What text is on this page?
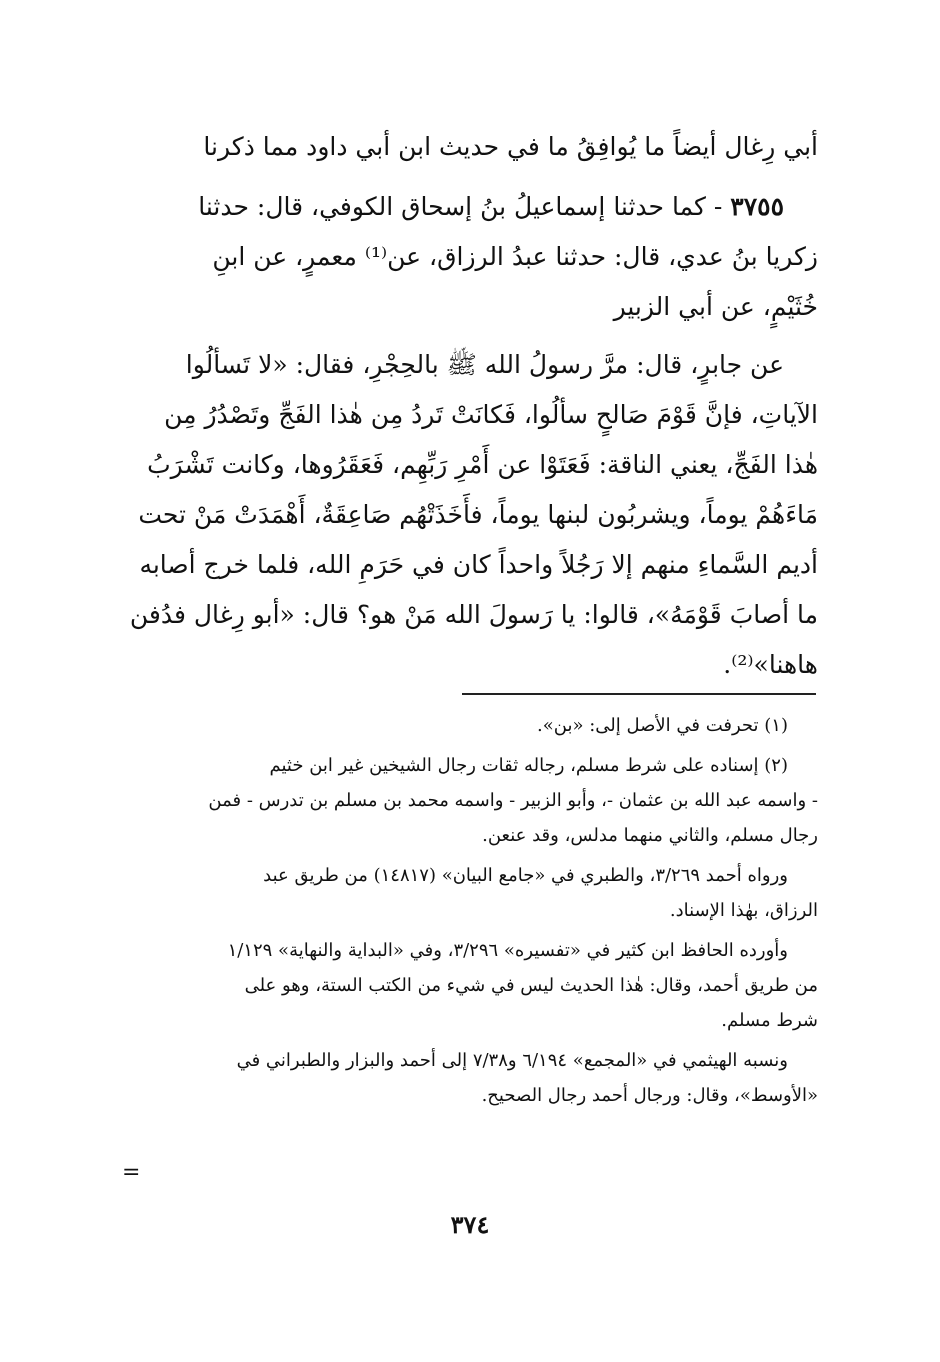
أبي رِغال أيضاً ما يُوافِقُ ما في حديث ابن أبي داود مما ذكرنا
٣٧٥٥ - كما حدثنا إسماعيلُ بنُ إسحاق الكوفي، قال: حدثنا
زكريا بنُ عدي، قال: حدثنا عبدُ الرزاق، عن⁽¹⁾ معمرٍ، عن ابنِ
خُثَيْمٍ، عن أبي الزبير
عن جابرٍ، قال: مرَّ رسولُ الله ﷺ بالحِجْرِ، فقال: «لا تَسألُوا
الآياتِ، فإنَّ قَوْمَ صَالحٍ سألُوا، فَكانَتْ تَردُ مِن هٰذا الفَجِّ وتَصْدُرُ مِن
هٰذا الفَجِّ، يعني الناقة: فَعَتَوْا عن أَمْرِ رَبِّهِم، فَعَقَرُوها، وكانت تَشْرَبُ
مَاءَهُمْ يوماً، ويشربُون لبنها يوماً، فأَخَذَتْهُم صَاعِقَةٌ، أَهْمَدَتْ مَنْ تحت
أديم السَّماءِ منهم إلا رَجُلاً واحداً كان في حَرَمِ الله، فلما خرج أصابه
ما أصابَ قَوْمَهُ»، قالوا: يا رَسولَ الله مَنْ هو؟ قال: «أبو رِغال فدُفن
هاهنا»⁽²⁾.
(١) تحرفت في الأصل إلى: «بن».
(٢) إسناده على شرط مسلم، رجاله ثقات رجال الشيخين غير ابن خثيم
- واسمه عبد الله بن عثمان -، وأبو الزبير - واسمه محمد بن مسلم بن تدرس - فمن
رجال مسلم، والثاني منهما مدلس، وقد عنعن.
ورواه أحمد ٣/٢٦٩، والطبري في «جامع البيان» (١٤٨١٧) من طريق عبد
الرزاق، بهٰذا الإسناد.
وأورده الحافظ ابن كثير في «تفسيره» ٣/٢٩٦، وفي «البداية والنهاية» ١/١٢٩
من طريق أحمد، وقال: هٰذا الحديث ليس في شيء من الكتب الستة، وهو على
شرط مسلم.
ونسبه الهيثمي في «المجمع» ٦/١٩٤ و٧/٣٨ إلى أحمد والبزار والطبراني في
«الأوسط»، وقال: ورجال أحمد رجال الصحيح.
=
٣٧٤
